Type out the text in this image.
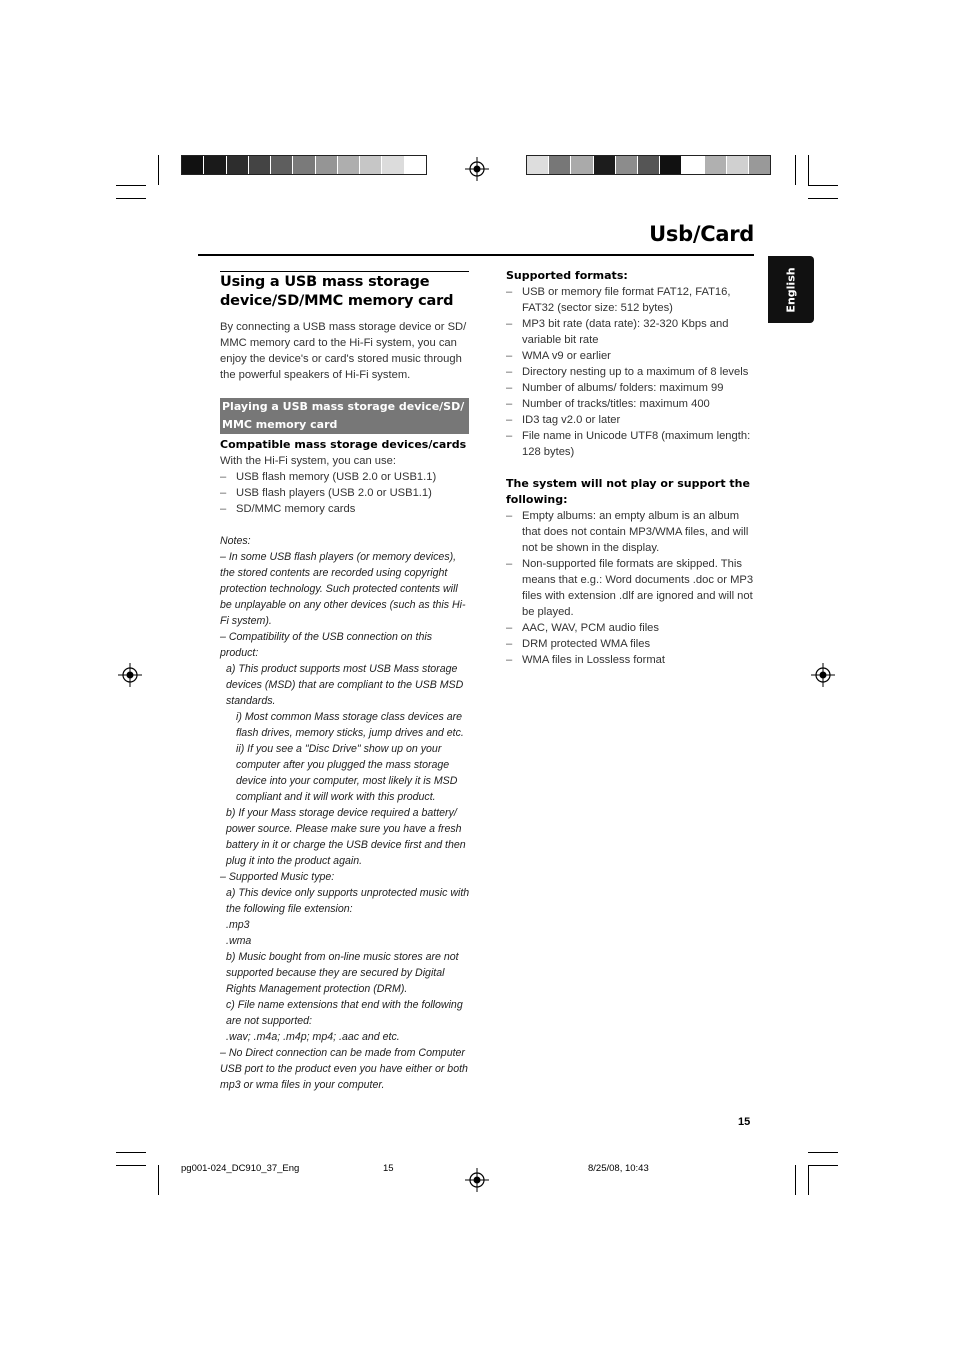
Usb/Card
English
Using a USB mass storage device/SD/MMC memory card
By connecting a USB mass storage device or SD/ MMC memory card to the Hi-Fi system, you can enjoy the device's or card's stored music through the powerful speakers of Hi-Fi system.
Playing a USB mass storage device/SD/ MMC memory card
Compatible mass storage devices/cards
With the Hi-Fi system, you can use:
– USB flash memory (USB 2.0 or USB1.1)
– USB flash players (USB 2.0 or USB1.1)
– SD/MMC memory cards

Notes:

– In some USB flash players (or memory devices), the stored contents are recorded using copyright protection technology. Such protected contents will be unplayable on any other devices (such as this Hi-Fi system).

– Compatibility of the USB connection on this product:

a) This product supports most USB Mass storage devices (MSD) that are compliant to the USB MSD standards.

i) Most common Mass storage class devices are flash drives, memory sticks, jump drives and etc.

ii) If you see a "Disc Drive" show up on your computer after you plugged the mass storage device into your computer, most likely it is MSD compliant and it will work with this product.

b) If your Mass storage device required a battery/ power source. Please make sure you have a fresh battery in it or charge the USB device first and then plug it into the product again.

– Supported Music type:

a) This device only supports unprotected music with the following file extension:

.mp3

.wma

b) Music bought from on-line music stores are not supported because they are secured by Digital Rights Management protection (DRM).

c) File name extensions that end with the following are not supported:

.wav; .m4a; .m4p; mp4; .aac and etc.

– No Direct connection can be made from Computer USB port to the product even you have either or both mp3 or wma files in your computer.

Supported formats:
– USB or memory file format FAT12, FAT16, FAT32 (sector size: 512 bytes)
– MP3 bit rate (data rate): 32-320 Kbps and variable bit rate
– WMA v9 or earlier
– Directory nesting up to a maximum of 8 levels
– Number of albums/ folders: maximum 99
– Number of tracks/titles: maximum 400
– ID3 tag v2.0 or later
– File name in Unicode UTF8 (maximum length: 128 bytes)
The system will not play or support the following:
– Empty albums: an empty album is an album that does not contain MP3/WMA files, and will not be shown in the display.
– Non-supported file formats are skipped. This means that e.g.: Word documents .doc or MP3 files with extension .dlf are ignored and will not be played.
– AAC, WAV, PCM audio files
– DRM protected WMA files
– WMA files in Lossless format
15
pg001-024_DC910_37_Eng	15	8/25/08, 10:43
